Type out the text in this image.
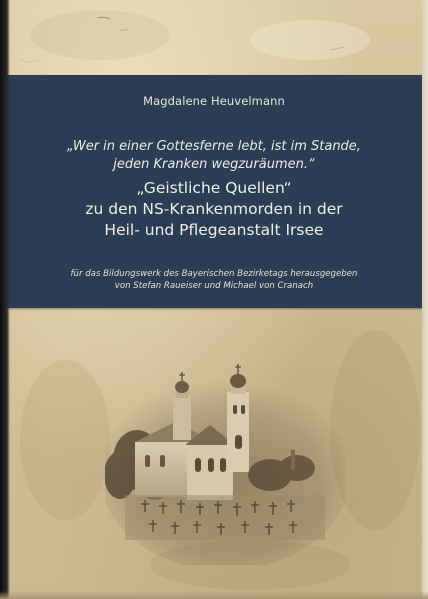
Magdalene Heuvelmann
„Wer in einer Gottesferne lebt, ist im Stande,
jeden Kranken wegzuräumen.“
„Geistliche Quellen“
zu den NS-Krankenmorden in der
Heil- und Pflegeanstalt Irsee
für das Bildungswerk des Bayerischen Bezirketags herausgegeben
von Stefan Raueiser und Michael von Cranach
